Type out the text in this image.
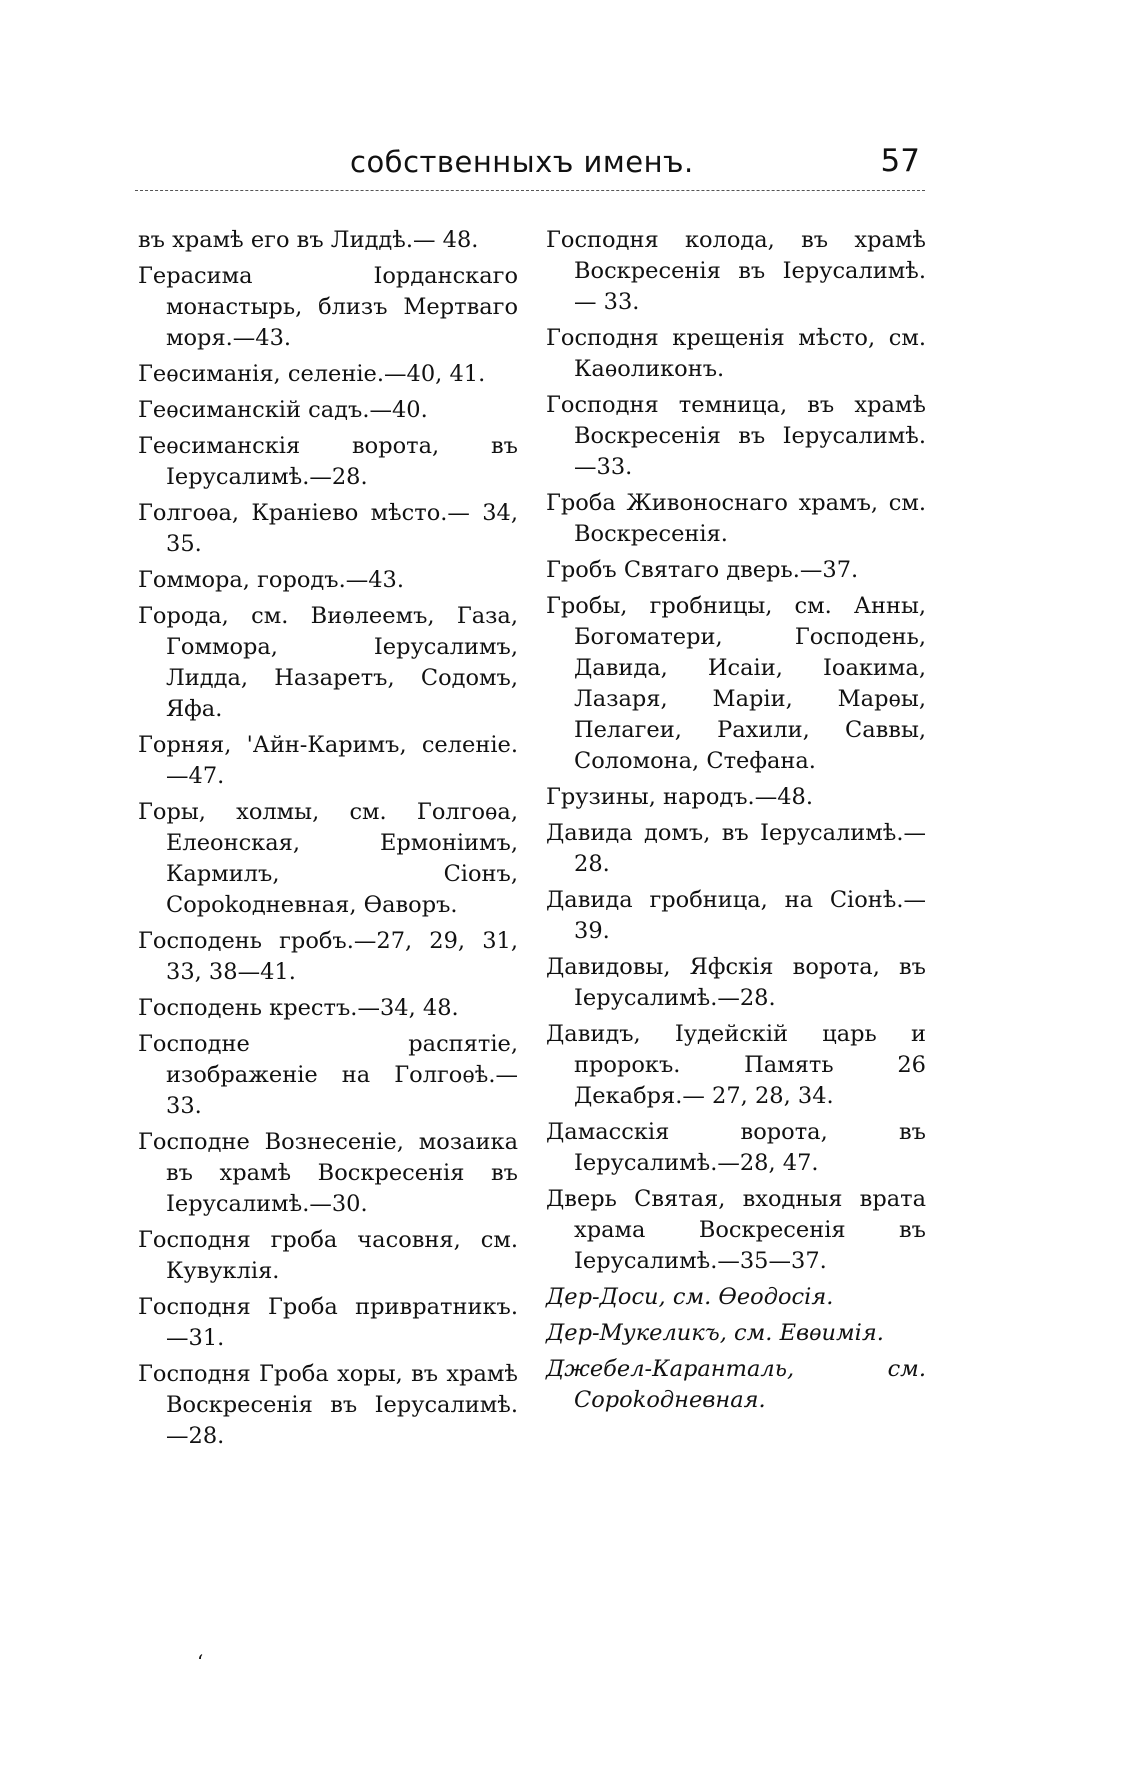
собственныхъ именъ.	57
въ храмѣ его въ Лиддѣ.— 48.
Герасима Іорданскаго монастырь, близъ Мертваго моря.—43.
Геѳсиманія, селеніе.—40, 41.
Геѳсиманскій садъ.—40.
Геѳсиманскія ворота, въ Іерусалимѣ.—28.
Голгоѳа, Краніево мѣсто.— 34, 35.
Гоммора, городъ.—43.
Города, см. Виѳлеемъ, Газа, Гоммора, Іерусалимъ, Лидда, Назаретъ, Содомъ, Яфа.
Горняя, 'Айн-Каримъ, селеніе.—47.
Горы, холмы, см. Голгоѳа, Елеонская, Ермоніимъ, Кармилъ, Сіонъ, Сороkодневная, Ѳаворъ.
Господень гробъ.—27, 29, 31, 33, 38—41.
Господень крестъ.—34, 48.
Господне распятіе, изображеніе на Голгоѳѣ.—33.
Господне Вознесеніе, мозаика въ храмѣ Воскресенія въ Іерусалимѣ.—30.
Господня гроба часовня, см. Кувуклія.
Господня Гроба привратникъ.—31.
Господня Гроба хоры, въ храмѣ Воскресенія въ Іерусалимѣ.—28.
Господня колода, въ храмѣ Воскресенія въ Іерусалимѣ.— 33.
Господня крещенія мѣсто, см. Каѳоликонъ.
Господня темница, въ храмѣ Воскресенія въ Іерусалимѣ.—33.
Гроба Живоноснаго храмъ, см. Воскресенія.
Гробъ Святаго дверь.—37.
Гробы, гробницы, см. Анны, Богоматери, Господень, Давида, Исаіи, Іоакима, Лазаря, Маріи, Марѳы, Пелагеи, Рахили, Саввы, Соломона, Стефана.
Грузины, народъ.—48.
Давида домъ, въ Іерусалимѣ.— 28.
Давида гробница, на Сіонѣ.— 39.
Давидовы, Яфскія ворота, въ Іерусалимѣ.—28.
Давидъ, Іудейскій царь и пророкъ. Память 26 Декабря.— 27, 28, 34.
Дамасскія ворота, въ Іерусалимѣ.—28, 47.
Дверь Святая, входныя врата храма Воскресенія въ Іерусалимѣ.—35—37.
Дер-Доси, см. Ѳеодосія.
Дер-Мукеликъ, см. Евѳимія.
Джебел-Каранталь, см. Сороkодневная.
‘
